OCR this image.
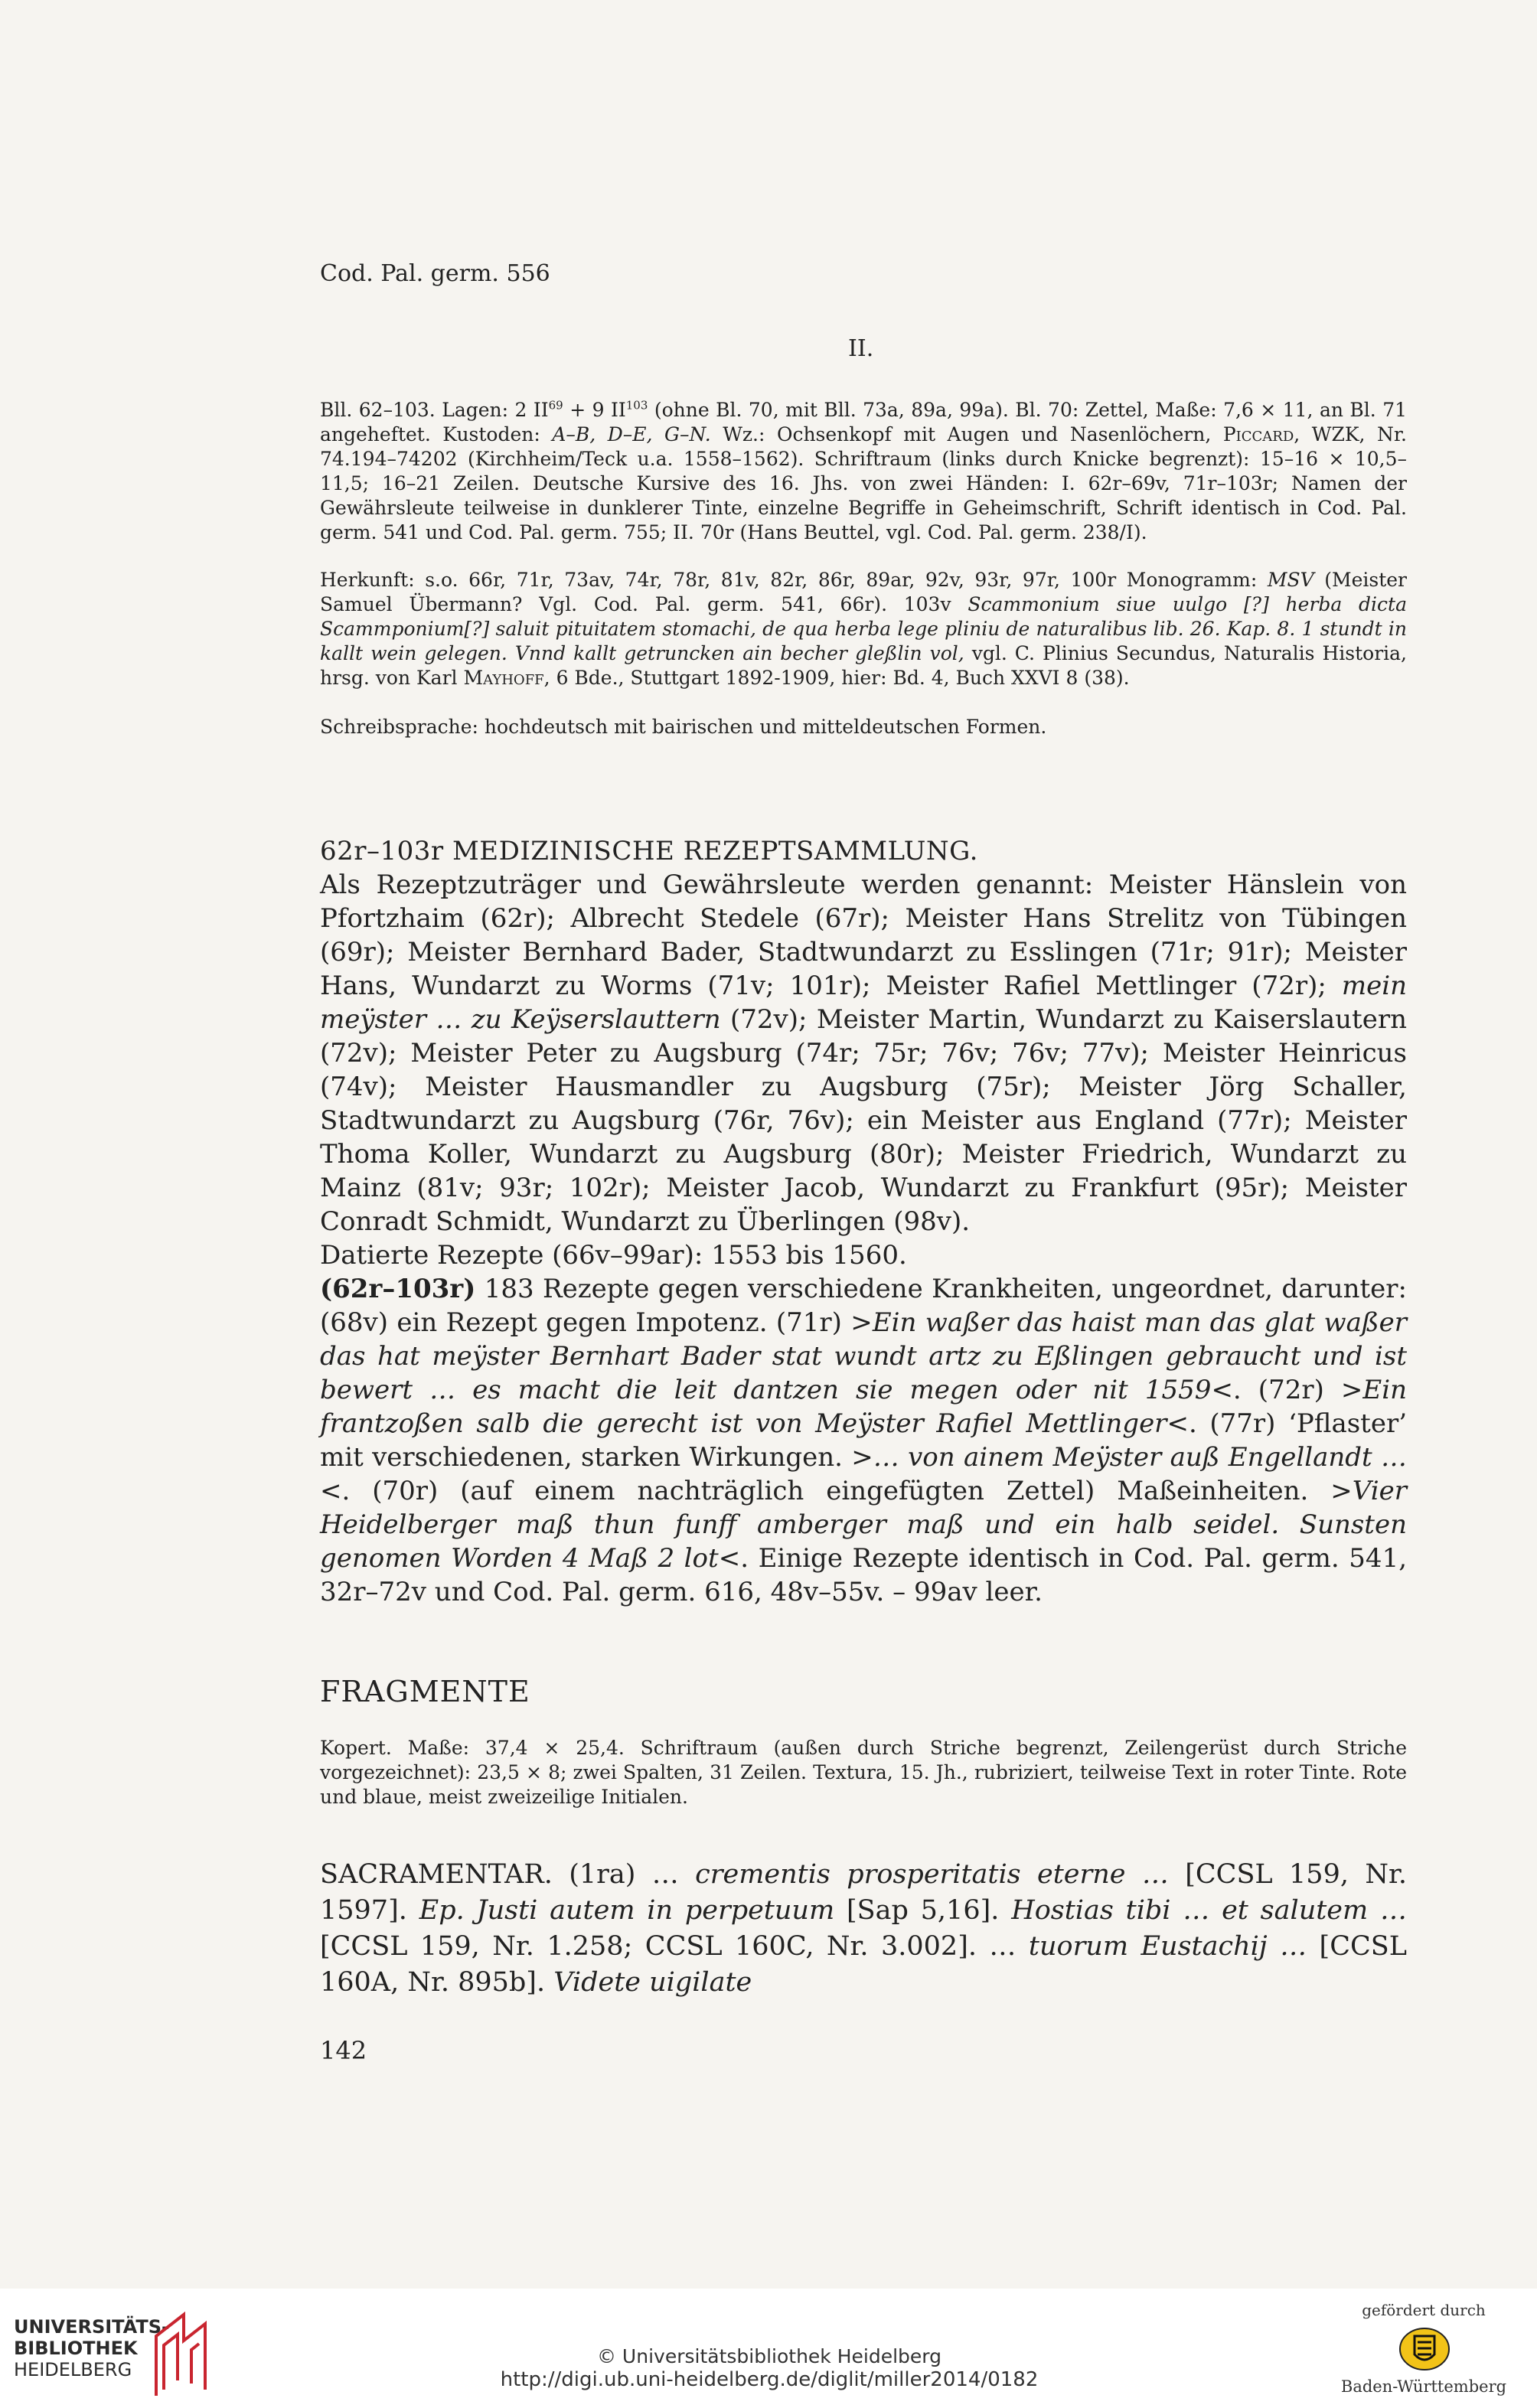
Cod. Pal. germ. 556
II.

Bll. 62–103. Lagen: 2 $II^{69} + 9$ II$^{103}$ (ohne Bl. 70, mit Bll. 73a, 89a, 99a). Bl. 70: Zettel, Maße: 7,6 × 11, an Bl. 71 angeheftet. Kustoden: A–B, D–E, G–N. Wz.: Ochsenkopf mit Augen und Nasenlöchern, Piccard, WZK, Nr. 74.194–74202 (Kirchheim/Teck u.a. 1558–1562). Schriftraum (links durch Knicke begrenzt): 15–16 × 10,5–11,5; 16–21 Zeilen. Deutsche Kursive des 16. Jhs. von zwei Händen: I. 62r–69v, 71r–103r; Namen der Gewährsleute teilweise in dunklerer Tinte, einzelne Begriffe in Geheimschrift, Schrift identisch in Cod. Pal. germ. 541 und Cod. Pal. germ. 755; II. 70r (Hans Beuttel, vgl. Cod. Pal. germ. 238/I).

Herkunft: s.o. 66r, 71r, 73av, 74r, 78r, 81v, 82r, 86r, 89ar, 92v, 93r, 97r, 100r Monogramm: MSV (Meister Samuel Übermann? Vgl. Cod. Pal. germ. 541, 66r). 103v Scammonium siue uulgo [?] herba dicta Scammponium[?] saluit pituitatem stomachi, de qua herba lege pliniu de naturalibus lib. 26. Kap. 8. 1 stundt in kallt wein gelegen. Vnnd kallt getruncken ain becher gleßlin vol, vgl. C. Plinius Secundus, Naturalis Historia, hrsg. von Karl Mayhoff, 6 Bde., Stuttgart 1892-1909, hier: Bd. 4, Buch XXVI 8 (38).

Schreibsprache: hochdeutsch mit bairischen und mitteldeutschen Formen.

62r–103r MEDIZINISCHE REZEPTSAMMLUNG.

Als Rezeptzuträger und Gewährsleute werden genannt: Meister Hänslein von Pfortzhaim (62r); Albrecht Stedele (67r); Meister Hans Strelitz von Tübingen (69r); Meister Bernhard Bader, Stadtwundarzt zu Esslingen (71r; 91r); Meister Hans, Wundarzt zu Worms (71v; 101r); Meister Rafiel Mettlinger (72r); mein meÿster … zu Keÿserslauttern (72v); Meister Martin, Wundarzt zu Kaiserslautern (72v); Meister Peter zu Augsburg (74r; 75r; 76v; 76v; 77v); Meister Heinricus (74v); Meister Hausmandler zu Augsburg (75r); Meister Jörg Schaller, Stadtwundarzt zu Augsburg (76r, 76v); ein Meister aus England (77r); Meister Thoma Koller, Wundarzt zu Augsburg (80r); Meister Friedrich, Wundarzt zu Mainz (81v; 93r; 102r); Meister Jacob, Wundarzt zu Frankfurt (95r); Meister Conradt Schmidt, Wundarzt zu Überlingen (98v).

Datierte Rezepte (66v–99ar): 1553 bis 1560.

(62r–103r) 183 Rezepte gegen verschiedene Krankheiten, ungeordnet, darunter: (68v) ein Rezept gegen Impotenz. (71r) >Ein waßer das haist man das glat waßer das hat meÿster Bernhart Bader stat wundt artz zu Eßlingen gebraucht und ist bewert … es macht die leit dantzen sie megen oder nit 1559<. (72r) >Ein frantzoßen salb die gerecht ist von Meÿster Rafiel Mettlinger<. (77r) ‘Pflaster’ mit verschiedenen, starken Wirkungen. >… von ainem Meÿster auß Engellandt …<. (70r) (auf einem nachträglich eingefügten Zettel) Maßeinheiten. >Vier Heidelberger maß thun funff amberger maß und ein halb seidel. Sunsten genomen Worden 4 Maß 2 lot<. Einige Rezepte identisch in Cod. Pal. germ. 541, 32r–72v und Cod. Pal. germ. 616, 48v–55v. – 99av leer.

FRAGMENTE

Kopert. Maße: 37,4 × 25,4. Schriftraum (außen durch Striche begrenzt, Zeilengerüst durch Striche vorgezeichnet): 23,5 × 8; zwei Spalten, 31 Zeilen. Textura, 15. Jh., rubriziert, teilweise Text in roter Tinte. Rote und blaue, meist zweizeilige Initialen.

SACRAMENTAR. (1ra) … crementis prosperitatis eterne … [CCSL 159, Nr. 1597]. Ep. Justi autem in perpetuum [Sap 5,16]. Hostias tibi … et salutem … [CCSL 159, Nr. 1.258; CCSL 160C, Nr. 3.002]. … tuorum Eustachij … [CCSL 160A, Nr. 895b]. Videte uigilate

142
UNIVERSITÄTS-
BIBLIOTHEK
HEIDELBERG
© Universitätsbibliothek Heidelberg
http://digi.ub.uni-heidelberg.de/diglit/miller2014/0182
gefördert durch
Baden-Württemberg
